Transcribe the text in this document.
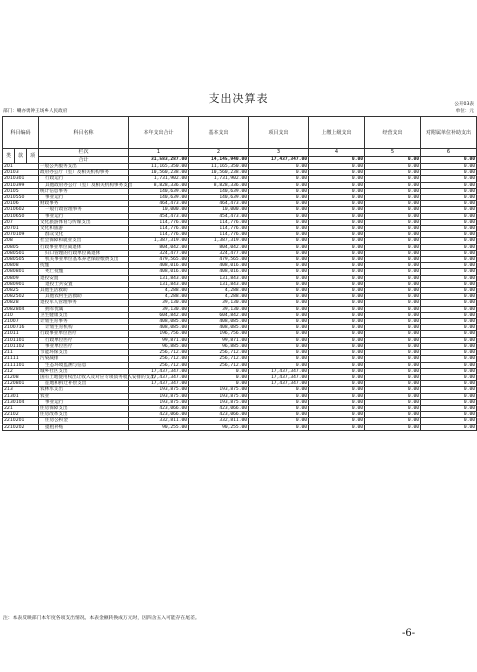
支出决算表	公开03表
部门：喇亦勇钟王场乡人民政府	单位：元
科目编码			科目名称	本年支出合计	基本支出	项目支出	上缴上级支出	经营支出	对附属单位补助支出
类	款	项	栏次	1	2	3	4	5	6
			合计	31,583,287.00	14,145,940.00	17,437,347.00	0.00	0.00	0.00
201			一般公共服务支出	11,165,350.00	11,165,350.00	0.00	0.00	0.00	0.00
20103			政府办公厅（室）及相关机构事务	10,560,238.00	10,560,238.00	0.00	0.00	0.00	0.00
2010301			行政运行	1,731,902.00	1,731,902.00	0.00	0.00	0.00	0.00
2010399			其他政府办公厅（室）及相关机构事务支出	8,828,336.00	8,828,336.00	0.00	0.00	0.00	0.00
20105			统计信息事务	140,639.00	140,639.00	0.00	0.00	0.00	0.00
2010550			事业运行	140,639.00	140,639.00	0.00	0.00	0.00	0.00
20106			财政事务	464,473.00	464,473.00	0.00	0.00	0.00	0.00
2010602			一般行政管理事务	10,000.00	10,000.00	0.00	0.00	0.00	0.00
2010650			事业运行	454,473.00	454,473.00	0.00	0.00	0.00	0.00
207			文化旅游体育与传媒支出	114,776.00	114,776.00	0.00	0.00	0.00	0.00
20701			文化和旅游	114,776.00	114,776.00	0.00	0.00	0.00	0.00
2070109			群众文化	114,776.00	114,776.00	0.00	0.00	0.00	0.00
208			社会保障和就业支出	1,387,319.00	1,387,319.00	0.00	0.00	0.00	0.00
20805			行政事业单位离退休	804,042.00	804,042.00	0.00	0.00	0.00	0.00
2080501			归口管理的行政单位离退休	324,477.00	324,477.00	0.00	0.00	0.00	0.00
2080505			机关事业单位基本养老保险缴费支出	479,565.00	479,565.00	0.00	0.00	0.00	0.00
20808			抚恤	408,016.00	408,016.00	0.00	0.00	0.00	0.00
2080801			死亡抚恤	408,016.00	408,016.00	0.00	0.00	0.00	0.00
20809			退役安置	131,843.00	131,843.00	0.00	0.00	0.00	0.00
2080901			退役士兵安置	131,843.00	131,843.00	0.00	0.00	0.00	0.00
20825			其他生活救助	4,288.00	4,288.00	0.00	0.00	0.00	0.00
2082502			其他农村生活救助	4,288.00	4,288.00	0.00	0.00	0.00	0.00
20828			退役军人管理事务	39,130.00	39,130.00	0.00	0.00	0.00	0.00
2082804			拥军优属	39,130.00	39,130.00	0.00	0.00	0.00	0.00
210			卫生健康支出	604,842.00	604,842.00	0.00	0.00	0.00	0.00
21007			计划生育事务	408,085.00	408,085.00	0.00	0.00	0.00	0.00
2100716			计划生育机构	408,085.00	408,085.00	0.00	0.00	0.00	0.00
21011			行政事业单位医疗	196,756.00	196,756.00	0.00	0.00	0.00	0.00
2101101			行政单位医疗	99,871.00	99,871.00	0.00	0.00	0.00	0.00
2101102			事业单位医疗	96,885.00	96,885.00	0.00	0.00	0.00	0.00
211			节能环保支出	256,712.00	256,712.00	0.00	0.00	0.00	0.00
21111			污染减排	256,712.00	256,712.00	0.00	0.00	0.00	0.00
2111101			生态环境监测与信息	256,712.00	256,712.00	0.00	0.00	0.00	0.00
212			城乡社区支出	17,437,347.00	0.00	17,437,347.00	0.00	0.00	0.00
21208			国有土地使用权出让收入及对应专项债务收入安排的支出	17,437,347.00	0.00	17,437,347.00	0.00	0.00	0.00
2120801			征地和拆迁补偿支出	17,437,347.00	0.00	17,437,347.00	0.00	0.00	0.00
213			农林水支出	193,875.00	193,875.00	0.00	0.00	0.00	0.00
21301			农业	193,875.00	193,875.00	0.00	0.00	0.00	0.00
2130104			事业运行	193,875.00	193,875.00	0.00	0.00	0.00	0.00
221			住房保障支出	423,066.00	423,066.00	0.00	0.00	0.00	0.00
22102			住房改革支出	423,066.00	423,066.00	0.00	0.00	0.00	0.00
2210201			住房公积金	332,811.00	332,811.00	0.00	0.00	0.00	0.00
2210202			提租补贴	90,255.00	90,255.00	0.00	0.00	0.00	0.00
注：本表反映部门本年度各项支出情况。本表金额转换成万元时，因四舍五入可能存在尾差。
-6-
